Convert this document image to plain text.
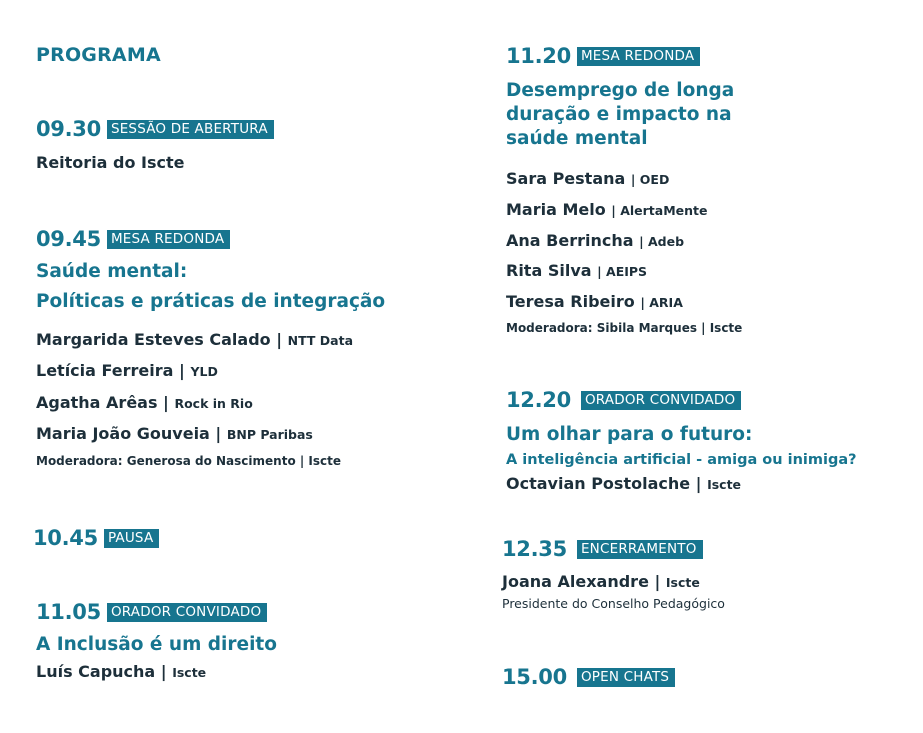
PROGRAMA
09.30 SESSÃO DE ABERTURA
Reitoria do Iscte
09.45 MESA REDONDA
Saúde mental:
Políticas e práticas de integração
Margarida Esteves Calado | NTT Data
Letícia Ferreira | YLD
Agatha Arêas | Rock in Rio
Maria João Gouveia | BNP Paribas
Moderadora: Generosa do Nascimento | Iscte
10.45 PAUSA
11.05 ORADOR CONVIDADO
A Inclusão é um direito
Luís Capucha | Iscte
11.20 MESA REDONDA
Desemprego de longa
duração e impacto na
saúde mental
Sara Pestana | OED
Maria Melo | AlertaMente
Ana Berrincha | Adeb
Rita Silva | AEIPS
Teresa Ribeiro | ARIA
Moderadora: Sibila Marques | Iscte
12.20 ORADOR CONVIDADO
Um olhar para o futuro:
A inteligência artificial - amiga ou inimiga?
Octavian Postolache | Iscte
12.35 ENCERRAMENTO
Joana Alexandre | Iscte
Presidente do Conselho Pedagógico
15.00 OPEN CHATS
